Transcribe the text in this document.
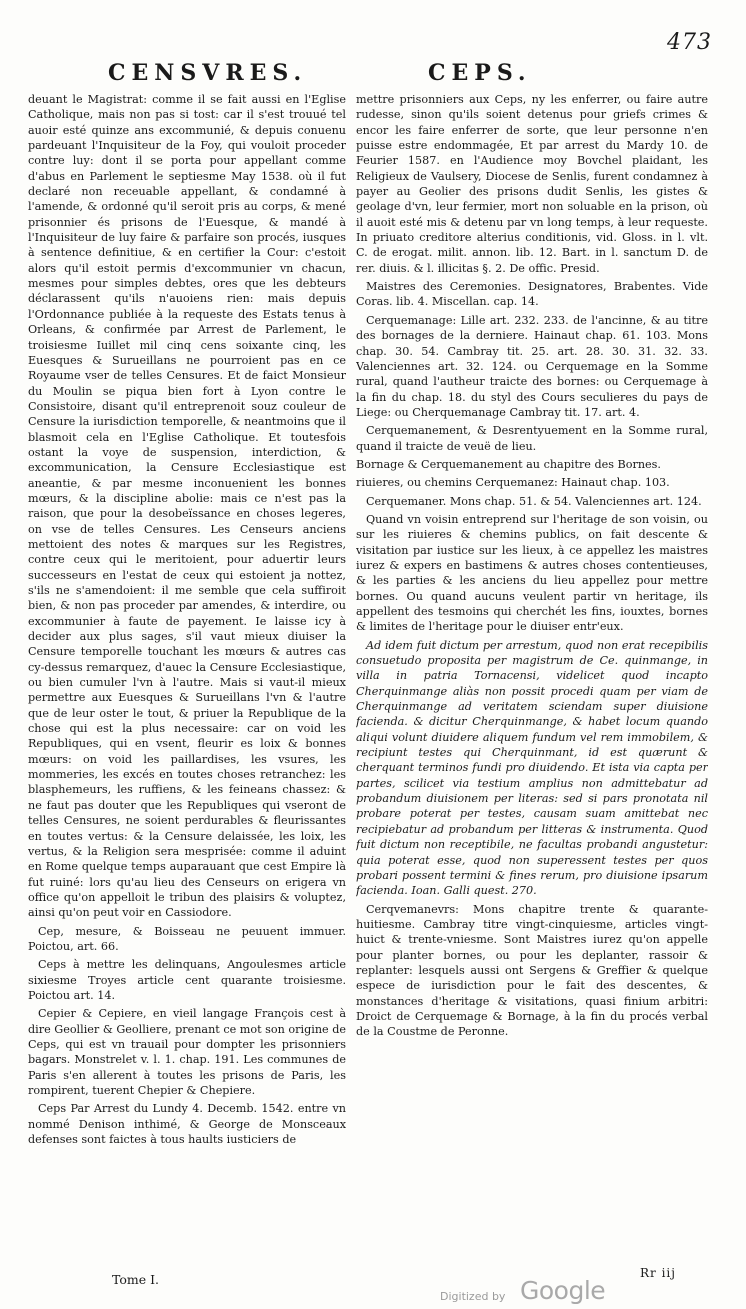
473
CENSVRES.	CEPS.

deuant le Magistrat: comme il se fait aussi en l'Eglise Catholique, mais non pas si tost: car il s'est trouué tel auoir esté quinze ans excommunié, & depuis conuenu pardeuant l'Inquisiteur de la Foy, qui vouloit proceder contre luy: dont il se porta pour appellant comme d'abus en Parlement le septiesme May 1538. où il fut declaré non receuable appellant, & condamné à l'amende, & ordonné qu'il seroit pris au corps, & mené prisonnier és prisons de l'Euesque, & mandé à l'Inquisiteur de luy faire & parfaire son procés, iusques à sentence definitiue, & en certifier la Cour: c'estoit alors qu'il estoit permis d'excommunier vn chacun, mesmes pour simples debtes, ores que les debteurs déclarassent qu'ils n'auoiens rien: mais depuis l'Ordonnance publiée à la requeste des Estats tenus à Orleans, & confirmée par Arrest de Parlement, le troisiesme Iuillet mil cinq cens soixante cinq, les Euesques & Surueillans ne pourroient pas en ce Royaume vser de telles Censures. Et de faict Monsieur du Moulin se piqua bien fort à Lyon contre le Consistoire, disant qu'il entreprenoit souz couleur de Censure la iurisdiction temporelle, & neantmoins que il blasmoit cela en l'Eglise Catholique. Et toutesfois ostant la voye de suspension, interdiction, & excommunication, la Censure Ecclesiastique est aneantie, & par mesme inconuenient les bonnes mœurs, & la discipline abolie: mais ce n'est pas la raison, que pour la desobeïssance en choses legeres, on vse de telles Censures. Les Censeurs anciens mettoient des notes & marques sur les Registres, contre ceux qui le meritoient, pour aduertir leurs successeurs en l'estat de ceux qui estoient ja nottez, s'ils ne s'amendoient: il me semble que cela suffiroit bien, & non pas proceder par amendes, & interdire, ou excommunier à faute de payement. Ie laisse icy à decider aux plus sages, s'il vaut mieux diuiser la Censure temporelle touchant les mœurs & autres cas cy-dessus remarquez, d'auec la Censure Ecclesiastique, ou bien cumuler l'vn à l'autre. Mais si vaut-il mieux permettre aux Euesques & Surueillans l'vn & l'autre que de leur oster le tout, & priuer la Republique de la chose qui est la plus necessaire: car on void les Republiques, qui en vsent, fleurir es loix & bonnes mœurs: on void les paillardises, les vsures, les mommeries, les excés en toutes choses retranchez: les blasphemeurs, les ruffiens, & les feineans chassez: & ne faut pas douter que les Republiques qui vseront de telles Censures, ne soient perdurables & fleurissantes en toutes vertus: & la Censure delaissée, les loix, les vertus, & la Religion sera mesprisée: comme il aduint en Rome quelque temps auparauant que cest Empire là fut ruiné: lors qu'au lieu des Censeurs on erigera vn office qu'on appelloit le tribun des plaisirs & voluptez, ainsi qu'on peut voir en Cassiodore.

Cep, mesure, & Boisseau ne peuuent immuer. Poictou, art. 66.

Ceps à mettre les delinquans, Angoulesmes article sixiesme Troyes article cent quarante troisiesme. Poictou art. 14.

Cepier & Cepiere, en vieil langage François cest à dire Geollier & Geolliere, prenant ce mot son origine de Ceps, qui est vn trauail pour dompter les prisonniers bagars. Monstrelet v. l. 1. chap. 191. Les communes de Paris s'en allerent à toutes les prisons de Paris, les rompirent, tuerent Chepier & Chepiere.

Ceps Par Arrest du Lundy 4. Decemb. 1542. entre vn nommé Denison inthimé, & George de Monsceaux defenses sont faictes à tous haults iusticiers de

mettre prisonniers aux Ceps, ny les enferrer, ou faire autre rudesse, sinon qu'ils soient detenus pour griefs crimes & encor les faire enferrer de sorte, que leur personne n'en puisse estre endommagée, Et par arrest du Mardy 10. de Feurier 1587. en l'Audience moy Bovchel plaidant, les Religieux de Vaulsery, Diocese de Senlis, furent condamnez à payer au Geolier des prisons dudit Senlis, les gistes & geolage d'vn, leur fermier, mort non soluable en la prison, où il auoit esté mis & detenu par vn long temps, à leur requeste. In priuato creditore alterius conditionis, vid. Gloss. in l. vlt. C. de erogat. milit. annon. lib. 12. Bart. in l. sanctum D. de rer. diuis. & l. illicitas §. 2. De offic. Presid.

Maistres des Ceremonies. Designatores, Brabentes. Vide Coras. lib. 4. Miscellan. cap. 14.

Cerquemanage: Lille art. 232. 233. de l'ancinne, & au titre des bornages de la derniere. Hainaut chap. 61. 103. Mons chap. 30. 54. Cambray tit. 25. art. 28. 30. 31. 32. 33. Valenciennes art. 32. 124. ou Cerquemage en la Somme rural, quand l'autheur traicte des bornes: ou Cerquemage à la fin du chap. 18. du styl des Cours seculieres du pays de Liege: ou Cherquemanage Cambray tit. 17. art. 4.

Cerquemanement, & Desrentyuement en la Somme rural, quand il traicte de veuë de lieu.

Bornage & Cerquemanement au chapitre des Bornes.

riuieres, ou chemins Cerquemanez: Hainaut chap. 103.

Cerquemaner. Mons chap. 51. & 54. Valenciennes art. 124.

Quand vn voisin entreprend sur l'heritage de son voisin, ou sur les riuieres & chemins publics, on fait descente & visitation par iustice sur les lieux, à ce appellez les maistres iurez & expers en bastimens & autres choses contentieuses, & les parties & les anciens du lieu appellez pour mettre bornes. Ou quand aucuns veulent partir vn heritage, ils appellent des tesmoins qui cherchét les fins, iouxtes, bornes & limites de l'heritage pour le diuiser entr'eux.

Ad idem fuit dictum per arrestum, quod non erat recepibilis consuetudo proposita per magistrum de Ce. quinmange, in villa in patria Tornacensi, videlicet quod incapto Cherquinmange aliàs non possit procedi quam per viam de Cherquinmange ad veritatem sciendam super diuisione facienda. & dicitur Cherquinmange, & habet locum quando aliqui volunt diuidere aliquem fundum vel rem immobilem, & recipiunt testes qui Cherquinmant, id est quærunt & cherquant terminos fundi pro diuidendo. Et ista via capta per partes, scilicet via testium amplius non admittebatur ad probandum diuisionem per literas: sed si pars pronotata nil probare poterat per testes, causam suam amittebat nec recipiebatur ad probandum per litteras & instrumenta. Quod fuit dictum non receptibile, ne facultas probandi angustetur: quia poterat esse, quod non superessent testes per quos probari possent termini & fines rerum, pro diuisione ipsarum facienda. Ioan. Galli quest. 270.

Cerqvemanevrs: Mons chapitre trente & quarante-huitiesme. Cambray titre vingt-cinquiesme, articles vingt-huict & trente-vniesme. Sont Maistres iurez qu'on appelle pour planter bornes, ou pour les deplanter, rassoir & replanter: lesquels aussi ont Sergens & Greffier & quelque espece de iurisdiction pour le fait des descentes, & monstances d'heritage & visitations, quasi finium arbitri: Droict de Cerquemage & Bornage, à la fin du procés verbal de la Coustme de Peronne.

Tome I.	Rr iij
Digitized by Google
